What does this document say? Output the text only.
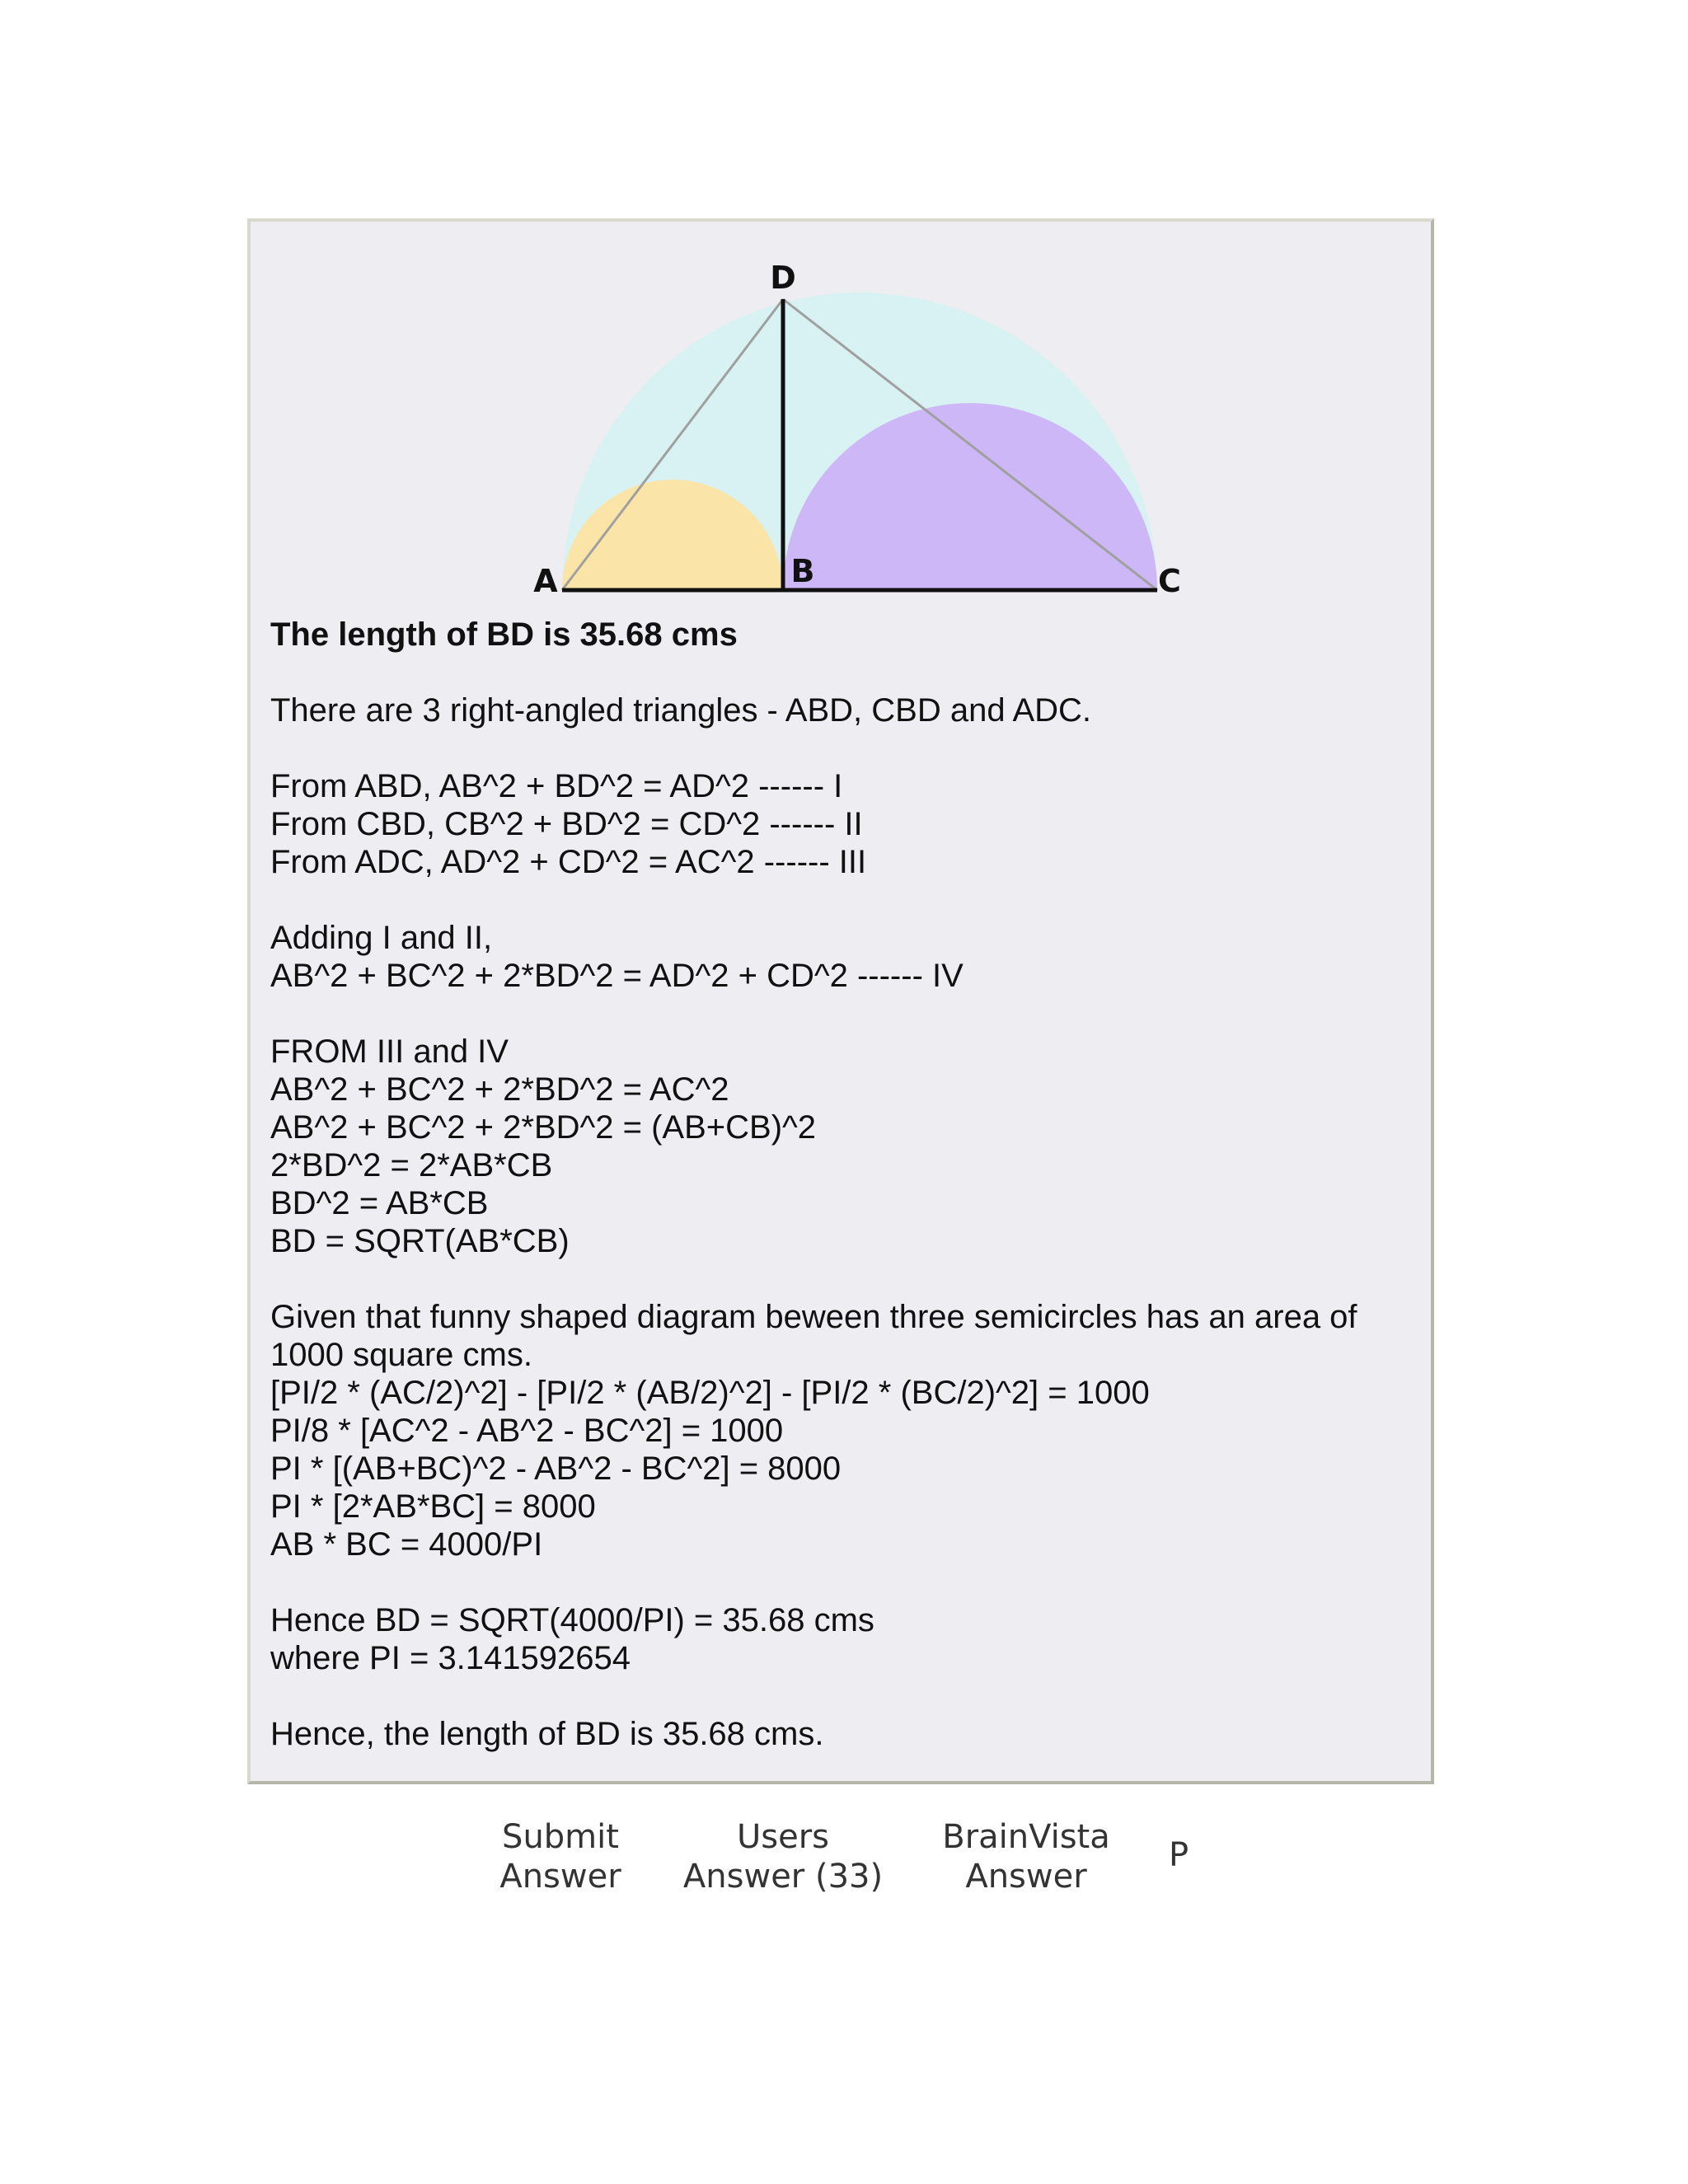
D
A	B	C

The length of BD is 35.68 cms

There are 3 right-angled triangles - ABD, CBD and ADC.

From ABD, AB^2 + BD^2 = AD^2 ------ I
From CBD, CB^2 + BD^2 = CD^2 ------ II
From ADC, AD^2 + CD^2 = AC^2 ------ III

Adding I and II,
AB^2 + BC^2 + 2*BD^2 = AD^2 + CD^2 ------ IV

FROM III and IV
AB^2 + BC^2 + 2*BD^2 = AC^2
AB^2 + BC^2 + 2*BD^2 = (AB+CB)^2
2*BD^2 = 2*AB*CB
BD^2 = AB*CB
BD = SQRT(AB*CB)

Given that funny shaped diagram beween three semicircles has an area of 1000 square cms.
[PI/2 * (AC/2)^2] - [PI/2 * (AB/2)^2] - [PI/2 * (BC/2)^2] = 1000
PI/8 * [AC^2 - AB^2 - BC^2] = 1000
PI * [(AB+BC)^2 - AB^2 - BC^2] = 8000
PI * [2*AB*BC] = 8000
AB * BC = 4000/PI

Hence BD = SQRT(4000/PI) = 35.68 cms
where PI = 3.141592654

Hence, the length of BD is 35.68 cms.

Submit
Answer
Users
Answer (33)
BrainVista
Answer
P
